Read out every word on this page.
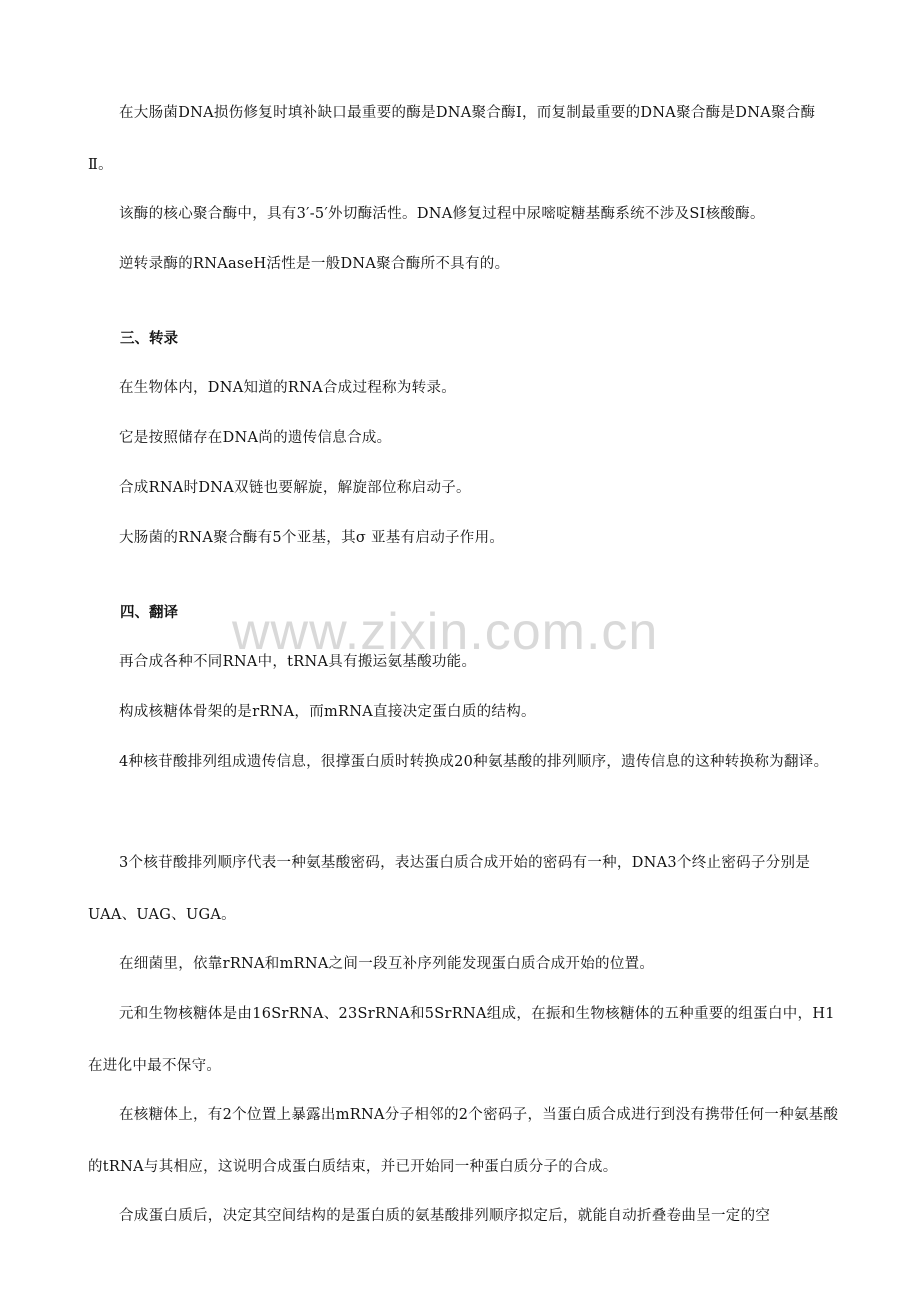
在大肠菌DNA损伤修复时填补缺口最重要的酶是DNA聚合酶Ⅰ，而复制最重要的DNA聚合酶是DNA聚合酶Ⅱ。

该酶的核心聚合酶中，具有3′-5′外切酶活性。DNA修复过程中尿嘧啶糖基酶系统不涉及SⅠ核酸酶。

逆转录酶的RNAaseH活性是一般DNA聚合酶所不具有的。

三、转录

在生物体内，DNA知道的RNA合成过程称为转录。

它是按照储存在DNA尚的遗传信息合成。

合成RNA时DNA双链也要解旋，解旋部位称启动子。

大肠菌的RNA聚合酶有5个亚基，其σ 亚基有启动子作用。

四、翻译 www.zixin.com.cn

再合成各种不同RNA中，tRNA具有搬运氨基酸功能。

构成核糖体骨架的是rRNA，而mRNA直接决定蛋白质的结构。

4种核苷酸排列组成遗传信息，很撑蛋白质时转换成20种氨基酸的排列顺序，遗传信息的这种转换称为翻译。

3个核苷酸排列顺序代表一种氨基酸密码，表达蛋白质合成开始的密码有一种，DNA3个终止密码子分别是UAA、UAG、UGA。

在细菌里，依靠rRNA和mRNA之间一段互补序列能发现蛋白质合成开始的位置。

元和生物核糖体是由16SrRNA、23SrRNA和5SrRNA组成，在振和生物核糖体的五种重要的组蛋白中，H1在进化中最不保守。

在核糖体上，有2个位置上暴露出mRNA分子相邻的2个密码子，当蛋白质合成进行到没有携带任何一种氨基酸的tRNA与其相应，这说明合成蛋白质结束，并已开始同一种蛋白质分子的合成。

合成蛋白质后，决定其空间结构的是蛋白质的氨基酸排列顺序拟定后，就能自动折叠卷曲呈一定的空
